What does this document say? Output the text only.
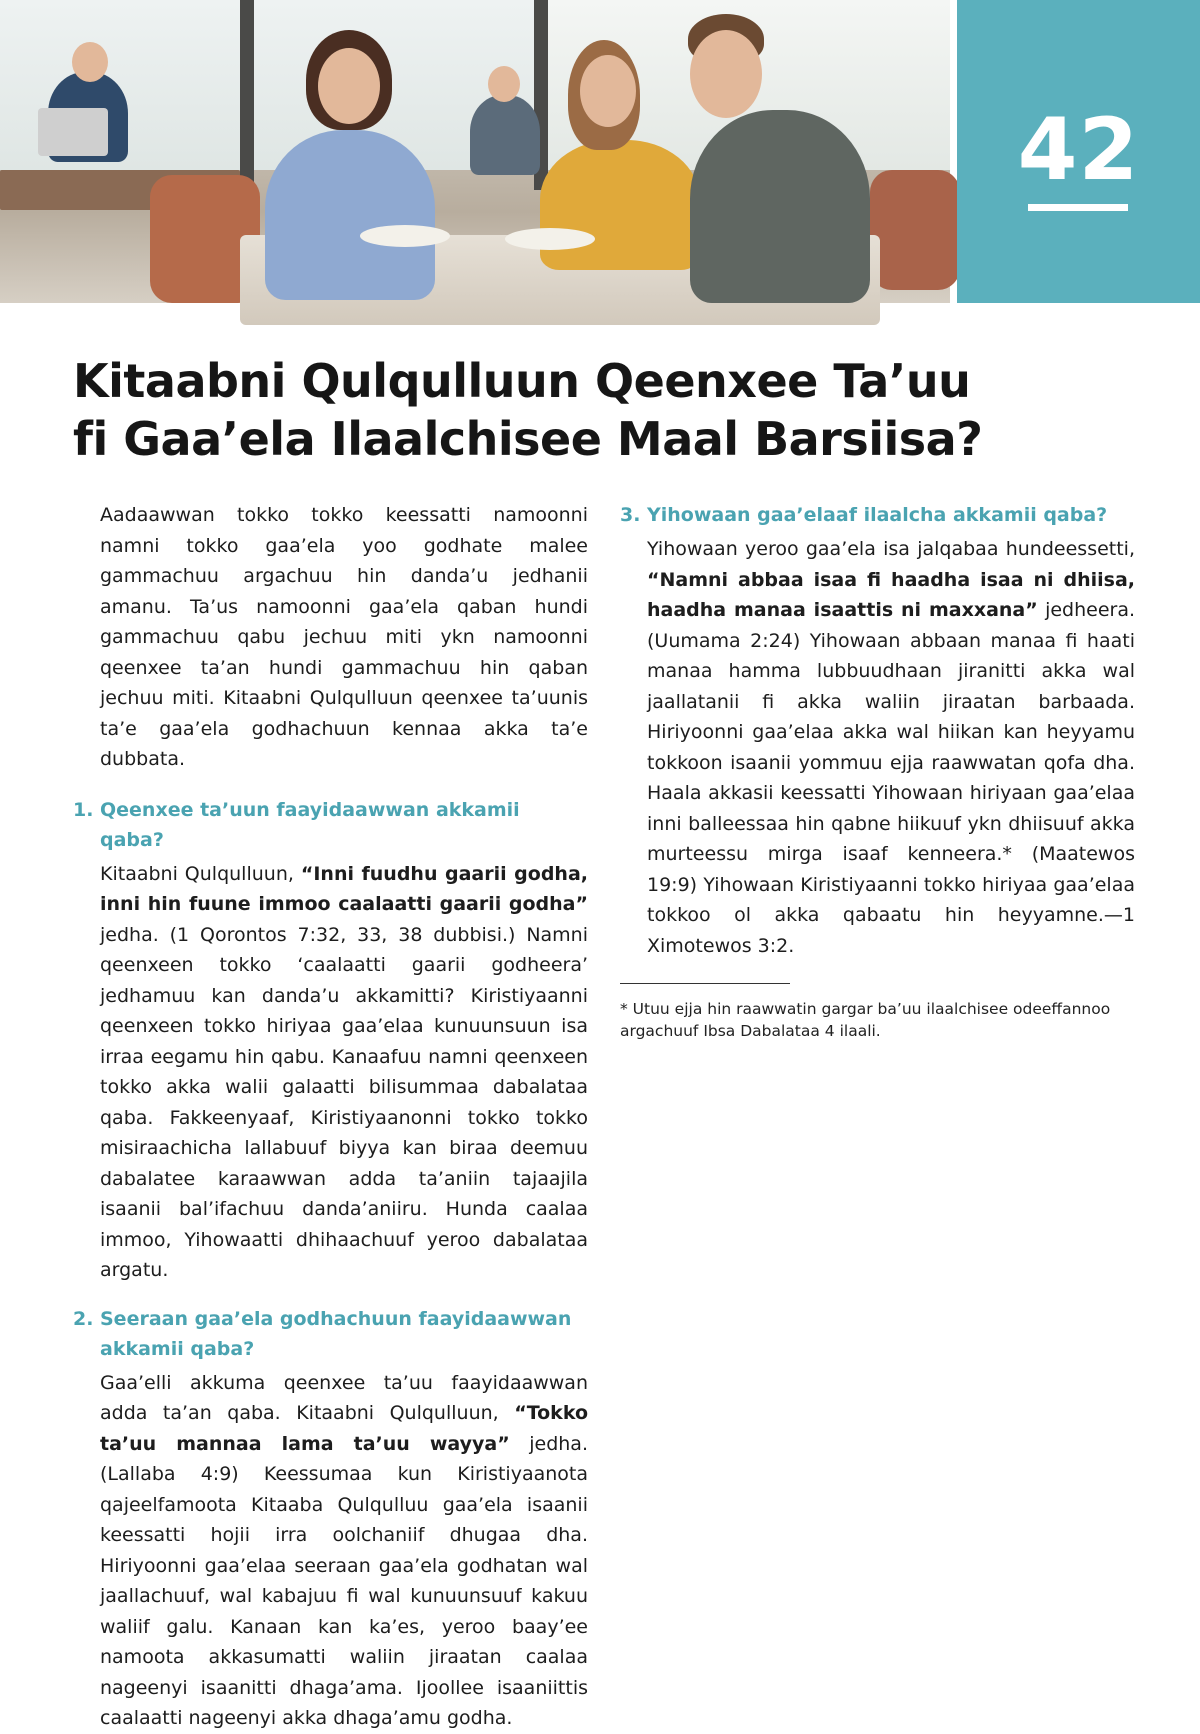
42
Kitaabni Qulqulluun Qeenxee Ta’uu
fi Gaa’ela Ilaalchisee Maal Barsiisa?

Aadaawwan tokko tokko keessatti namoonni namni tokko gaa’ela yoo godhate malee gammachuu argachuu hin danda’u jedhanii amanu. Ta’us namoonni gaa’ela qaban hundi gammachuu qabu jechuu miti ykn namoonni qeenxee ta’an hundi gammachuu hin qaban jechuu miti. Kitaabni Qulqulluun qeenxee ta’uunis ta’e gaa’ela godhachuun kennaa akka ta’e dubbata.

1. Qeenxee ta’uun faayidaawwan akkamii qaba?

Kitaabni Qulqulluun, “Inni fuudhu gaarii godha, inni hin fuune immoo caalaatti gaarii godha” jedha. (1 Qorontos 7:32, 33, 38 dubbisi.) Namni qeenxeen tokko ‘caalaatti gaarii godheera’ jedhamuu kan danda’u akkamitti? Kiristiyaanni qeenxeen tokko hiriyaa gaa’elaa kunuunsuun isa irraa eegamu hin qabu. Kanaafuu namni qeenxeen tokko akka walii galaatti bilisummaa dabalataa qaba. Fakkeenyaaf, Kiristiyaanonni tokko tokko misiraachicha lallabuuf biyya kan biraa deemuu dabalatee karaawwan adda ta’aniin tajaajila isaanii bal’ifachuu danda’aniiru. Hunda caalaa immoo, Yihowaatti dhihaachuuf yeroo dabalataa argatu.

2. Seeraan gaa’ela godhachuun faayidaawwan akkamii qaba?

Gaa’elli akkuma qeenxee ta’uu faayidaawwan adda ta’an qaba. Kitaabni Qulqulluun, “Tokko ta’uu mannaa lama ta’uu wayya” jedha. (Lallaba 4:9) Keessumaa kun Kiristiyaanota qajeelfamoota Kitaaba Qulqulluu gaa’ela isaanii keessatti hojii irra oolchaniif dhugaa dha. Hiriyoonni gaa’elaa seeraan gaa’ela godhatan wal jaallachuuf, wal kabajuu fi wal kunuunsuuf kakuu waliif galu. Kanaan kan ka’es, yeroo baay’ee namoota akkasumatti waliin jiraatan caalaa nageenyi isaanitti dhaga’ama. Ijoollee isaaniittis caalaatti nageenyi akka dhaga’amu godha.

3. Yihowaan gaa’elaaf ilaalcha akkamii qaba?

Yihowaan yeroo gaa’ela isa jalqabaa hundeessetti, “Namni abbaa isaa fi haadha isaa ni dhiisa, haadha manaa isaattis ni maxxana” jedheera. (Uumama 2:24) Yihowaan abbaan manaa fi haati manaa hamma lubbuudhaan jiranitti akka wal jaallatanii fi akka waliin jiraatan barbaada. Hiriyoonni gaa’elaa akka wal hiikan kan heyyamu tokkoon isaanii yommuu ejja raawwatan qofa dha. Haala akkasii keessatti Yihowaan hiriyaan gaa’elaa inni balleessaa hin qabne hiikuuf ykn dhiisuuf akka murteessu mirga isaaf kenneera.* (Maatewos 19:9) Yihowaan Kiristiyaanni tokko hiriyaa gaa’elaa tokkoo ol akka qabaatu hin heyyamne.—1 Ximotewos 3:2.

* Utuu ejja hin raawwatin gargar ba’uu ilaalchisee odeeffannoo argachuuf Ibsa Dabalataa 4 ilaali.
